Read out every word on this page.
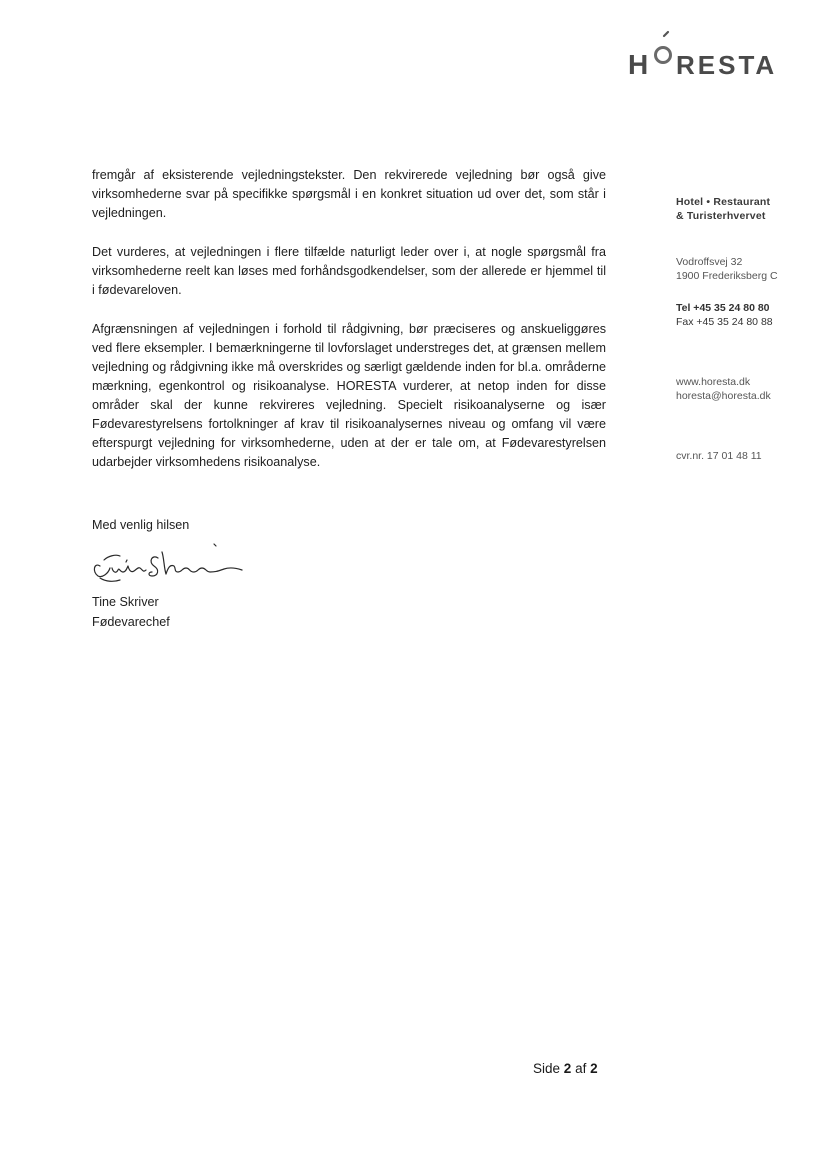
H RESTA

fremgår af eksisterende vejledningstekster. Den rekvirerede vejledning bør også give virksomhederne svar på specifikke spørgsmål i en konkret situation ud over det, som står i vejledningen.

Det vurderes, at vejledningen i flere tilfælde naturligt leder over i, at nogle spørgsmål fra virksomhederne reelt kan løses med forhåndsgodkendelser, som der allerede er hjemmel til i fødevareloven.

Afgrænsningen af vejledningen i forhold til rådgivning, bør præciseres og anskueliggøres ved flere eksempler. I bemærkningerne til lovforslaget understreges det, at grænsen mellem vejledning og rådgivning ikke må overskrides og særligt gældende inden for bl.a. områderne mærkning, egenkontrol og risikoanalyse. HORESTA vurderer, at netop inden for disse områder skal der kunne rekvireres vejledning. Specielt risikoanalyserne og især Fødevarestyrelsens fortolkninger af krav til risikoanalysernes niveau og omfang vil være efterspurgt vejledning for virksomhederne, uden at der er tale om, at Fødevarestyrelsen udarbejder virksomhedens risikoanalyse.

Med venlig hilsen
Tine Skriver
Fødevarechef
Hotel • Restaurant
& Turisterhvervet
Vodroffsvej 32
1900 Frederiksberg C
Tel +45 35 24 80 80
Fax +45 35 24 80 88
www.horesta.dk
horesta@horesta.dk
cvr.nr. 17 01 48 11
Side 2 af 2
